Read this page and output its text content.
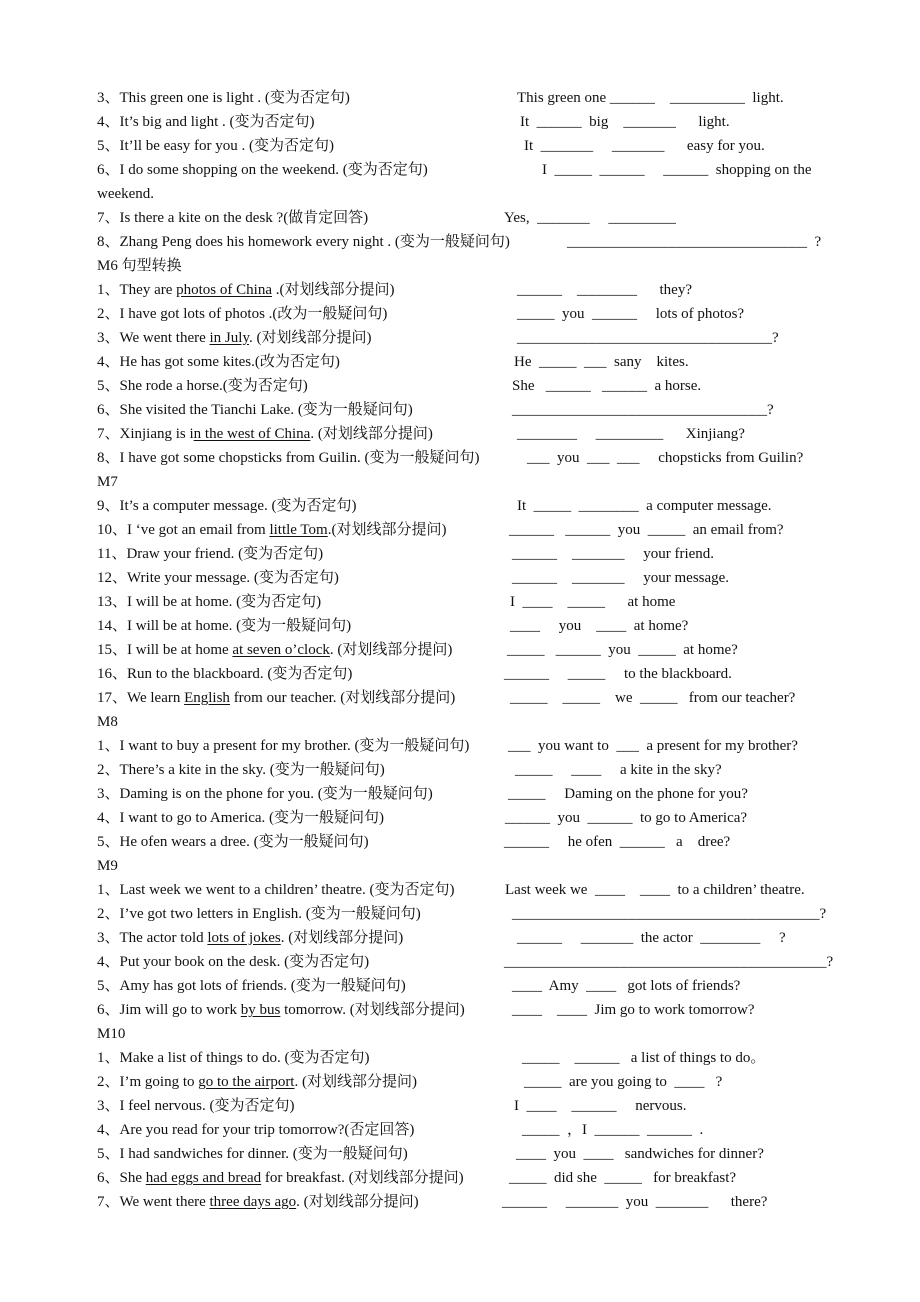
3、This green one is light . (变为否定句)	This green one ______    __________  light.
4、It’s big and light . (变为否定句)	It  ______  big    _______      light.
5、It’ll be easy for you . (变为否定句)	It  _______     _______      easy for you.
6、I do some shopping on the weekend. (变为否定句)	I  _____  ______     ______  shopping on the
weekend.
7、Is there a kite on the desk ?(做肯定回答)	Yes,  _______     _________
8、Zhang Peng does his homework every night . (变为一般疑问句)	________________________________  ?
M6 句型转换
1、They are photos of China .(对划线部分提问)	______    ________      they?
2、I have got lots of photos .(改为一般疑问句)	_____  you  ______     lots of photos?
3、We went there in July. (对划线部分提问)	__________________________________?
4、He has got some kites.(改为否定句)	He  _____  ___  sany    kites.
5、She rode a horse.(变为否定句)	She   ______   ______  a horse.
6、She visited the Tianchi Lake. (变为一般疑问句)	__________________________________?
7、Xinjiang is in the west of China. (对划线部分提问)	________     _________      Xinjiang?
8、I have got some chopsticks from Guilin. (变为一般疑问句)	___  you  ___  ___     chopsticks from Guilin?
M7
9、It’s a computer message. (变为否定句)	It  _____  ________  a computer message.
10、I ‘ve got an email from little Tom.(对划线部分提问)	______   ______  you  _____  an email from?
11、Draw your friend. (变为否定句)	______    _______     your friend.
12、Write your message. (变为否定句)	______    _______     your message.
13、I will be at home. (变为否定句)	I  ____    _____      at home
14、I will be at home. (变为一般疑问句)	____     you    ____  at home?
15、I will be at home at seven o’clock. (对划线部分提问)	_____   ______  you  _____  at home?
16、Run to the blackboard. (变为否定句)	______     _____     to the blackboard.
17、We learn English from our teacher. (对划线部分提问)	_____    _____    we  _____   from our teacher?
M8
1、I want to buy a present for my brother. (变为一般疑问句)	___  you want to  ___  a present for my brother?
2、There’s a kite in the sky. (变为一般疑问句)	_____     ____     a kite in the sky?
3、Daming is on the phone for you. (变为一般疑问句)	_____     Daming on the phone for you?
4、I want to go to America. (变为一般疑问句)	______  you  ______  to go to America?
5、He ofen wears a dree. (变为一般疑问句)	______     he ofen  ______   a    dree?
M9
1、Last week we went to a children’ theatre. (变为否定句)	Last week we  ____    ____  to a children’ theatre.
2、I’ve got two letters in English. (变为一般疑问句)	_________________________________________?
3、The actor told lots of jokes. (对划线部分提问)	______     _______  the actor  ________     ?
4、Put your book on the desk. (变为否定句)	___________________________________________?
5、Amy has got lots of friends. (变为一般疑问句)	____  Amy  ____   got lots of friends?
6、Jim will go to work by bus tomorrow. (对划线部分提问)	____    ____  Jim go to work tomorrow?
M10
1、Make a list of things to do. (变为否定句)	_____    ______   a list of things to do。
2、I’m going to go to the airport. (对划线部分提问)	_____  are you going to  ____   ?
3、I feel nervous. (变为否定句)	I  ____    ______     nervous.
4、Are you read for your trip tomorrow?(否定回答)	_____  ，I  ______  ______  .
5、I had sandwiches for dinner. (变为一般疑问句)	____  you  ____   sandwiches for dinner?
6、She had eggs and bread for breakfast. (对划线部分提问)	_____  did she  _____   for breakfast?
7、We went there three days ago. (对划线部分提问)	______     _______  you  _______      there?
